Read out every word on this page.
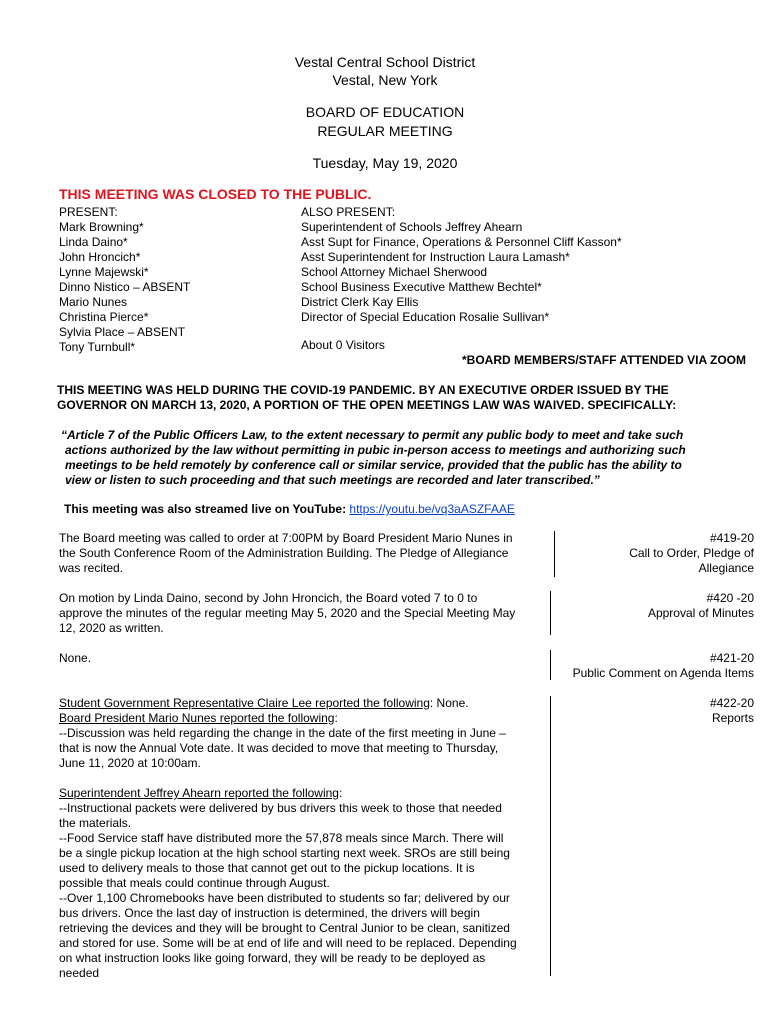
Vestal Central School District
Vestal, New York
BOARD OF EDUCATION
REGULAR MEETING
Tuesday, May 19, 2020
THIS MEETING WAS CLOSED TO THE PUBLIC.
PRESENT:
Mark Browning*
Linda Daino*
John Hroncich*
Lynne Majewski*
Dinno Nistico – ABSENT
Mario Nunes
Christina Pierce*
Sylvia Place – ABSENT
Tony Turnbull*
ALSO PRESENT:
Superintendent of Schools Jeffrey Ahearn
Asst Supt for Finance, Operations & Personnel Cliff Kasson*
Asst Superintendent for Instruction Laura Lamash*
School Attorney Michael Sherwood
School Business Executive Matthew Bechtel*
District Clerk Kay Ellis
Director of Special Education Rosalie Sullivan*
About 0 Visitors
*BOARD MEMBERS/STAFF ATTENDED VIA ZOOM
THIS MEETING WAS HELD DURING THE COVID-19 PANDEMIC. BY AN EXECUTIVE ORDER ISSUED BY THE
GOVERNOR ON MARCH 13, 2020, A PORTION OF THE OPEN MEETINGS LAW WAS WAIVED. SPECIFICALLY:
“Article 7 of the Public Officers Law, to the extent necessary to permit any public body to meet and take such
actions authorized by the law without permitting in pubic in-person access to meetings and authorizing such
meetings to be held remotely by conference call or similar service, provided that the public has the ability to
view or listen to such proceeding and that such meetings are recorded and later transcribed.”
This meeting was also streamed live on YouTube: https://youtu.be/vq3aASZFAAE
The Board meeting was called to order at 7:00PM by Board President Mario Nunes in
the South Conference Room of the Administration Building. The Pledge of Allegiance
was recited.
#419-20
Call to Order, Pledge of
Allegiance
On motion by Linda Daino, second by John Hroncich, the Board voted 7 to 0 to
approve the minutes of the regular meeting May 5, 2020 and the Special Meeting May
12, 2020 as written.
#420 -20
Approval of Minutes
None.	#421-20
Public Comment on Agenda Items
Student Government Representative Claire Lee reported the following: None.
Board President Mario Nunes reported the following:
--Discussion was held regarding the change in the date of the first meeting in June –
that is now the Annual Vote date. It was decided to move that meeting to Thursday,
June 11, 2020 at 10:00am.
Superintendent Jeffrey Ahearn reported the following:
--Instructional packets were delivered by bus drivers this week to those that needed
the materials.
--Food Service staff have distributed more the 57,878 meals since March. There will
be a single pickup location at the high school starting next week. SROs are still being
used to delivery meals to those that cannot get out to the pickup locations. It is
possible that meals could continue through August.
--Over 1,100 Chromebooks have been distributed to students so far; delivered by our
bus drivers. Once the last day of instruction is determined, the drivers will begin
retrieving the devices and they will be brought to Central Junior to be clean, sanitized
and stored for use. Some will be at end of life and will need to be replaced. Depending
on what instruction looks like going forward, they will be ready to be deployed as
needed
#422-20
Reports
